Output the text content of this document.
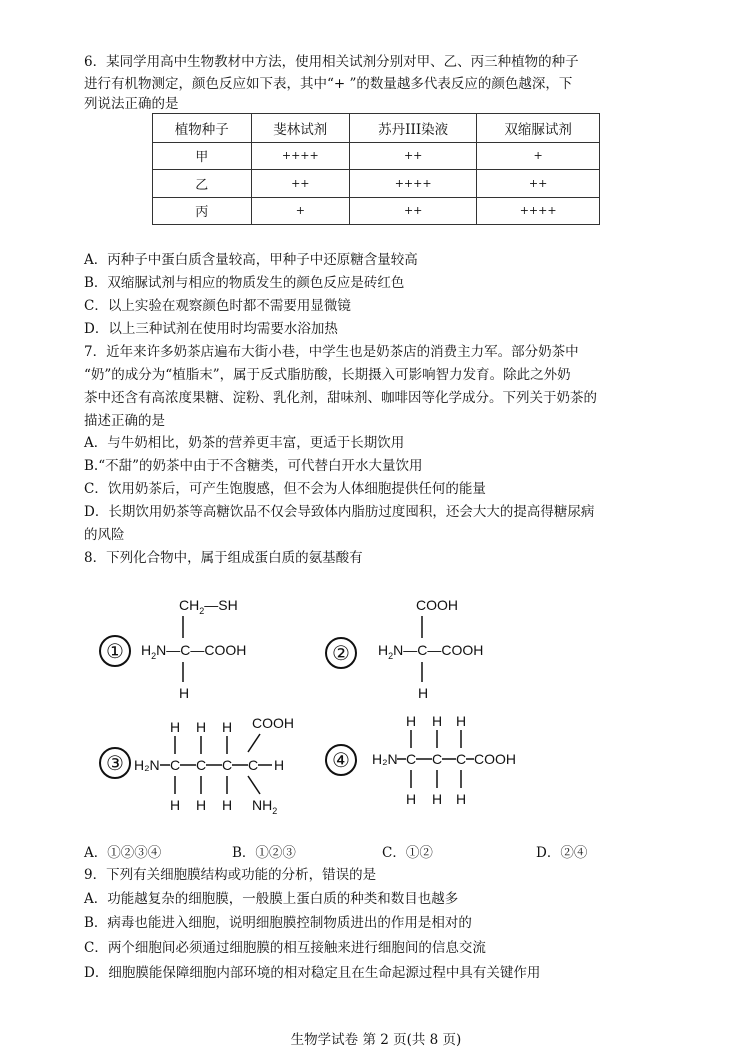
6．某同学用高中生物教材中方法，使用相关试剂分别对甲、乙、丙三种植物的种子
进行有机物测定，颜色反应如下表，其中“+ ”的数量越多代表反应的颜色越深，下
列说法正确的是
植物种子	斐林试剂	苏丹III染液	双缩脲试剂
甲	++++	++	+
乙	++	++++	++
丙	+	++	++++
A．丙种子中蛋白质含量较高，甲种子中还原糖含量较高
B．双缩脲试剂与相应的物质发生的颜色反应是砖红色
C．以上实验在观察颜色时都不需要用显微镜
D．以上三种试剂在使用时均需要水浴加热
7．近年来许多奶茶店遍布大街小巷，中学生也是奶茶店的消费主力军。部分奶茶中
“奶”的成分为“植脂末”，属于反式脂肪酸，长期摄入可影响智力发育。除此之外奶
茶中还含有高浓度果糖、淀粉、乳化剂，甜味剂、咖啡因等化学成分。下列关于奶茶的
描述正确的是
A．与牛奶相比，奶茶的营养更丰富，更适于长期饮用
B.“不甜”的奶茶中由于不含糖类，可代替白开水大量饮用
C．饮用奶茶后，可产生饱腹感，但不会为人体细胞提供任何的能量
D．长期饮用奶茶等高糖饮品不仅会导致体内脂肪过度囤积，还会大大的提高得糖尿病
的风险
8．下列化合物中，属于组成蛋白质的氨基酸有
①	②
③	④
$CH_2—SH$
$H_2N—C—COOH$
H
COOH
$H_2N—C—COOH$
H
H H H COOH
H₂N C C C C H
H H H $NH_2$
H H H
H₂N C C C COOH
H H H
A．①②③④	B．①②③	C．①②	D．②④
9．下列有关细胞膜结构或功能的分析，错误的是
A．功能越复杂的细胞膜，一般膜上蛋白质的种类和数目也越多
B．病毒也能进入细胞，说明细胞膜控制物质进出的作用是相对的
C．两个细胞间必须通过细胞膜的相互接触来进行细胞间的信息交流
D．细胞膜能保障细胞内部环境的相对稳定且在生命起源过程中具有关键作用
生物学试卷 第 2 页(共 8 页)
